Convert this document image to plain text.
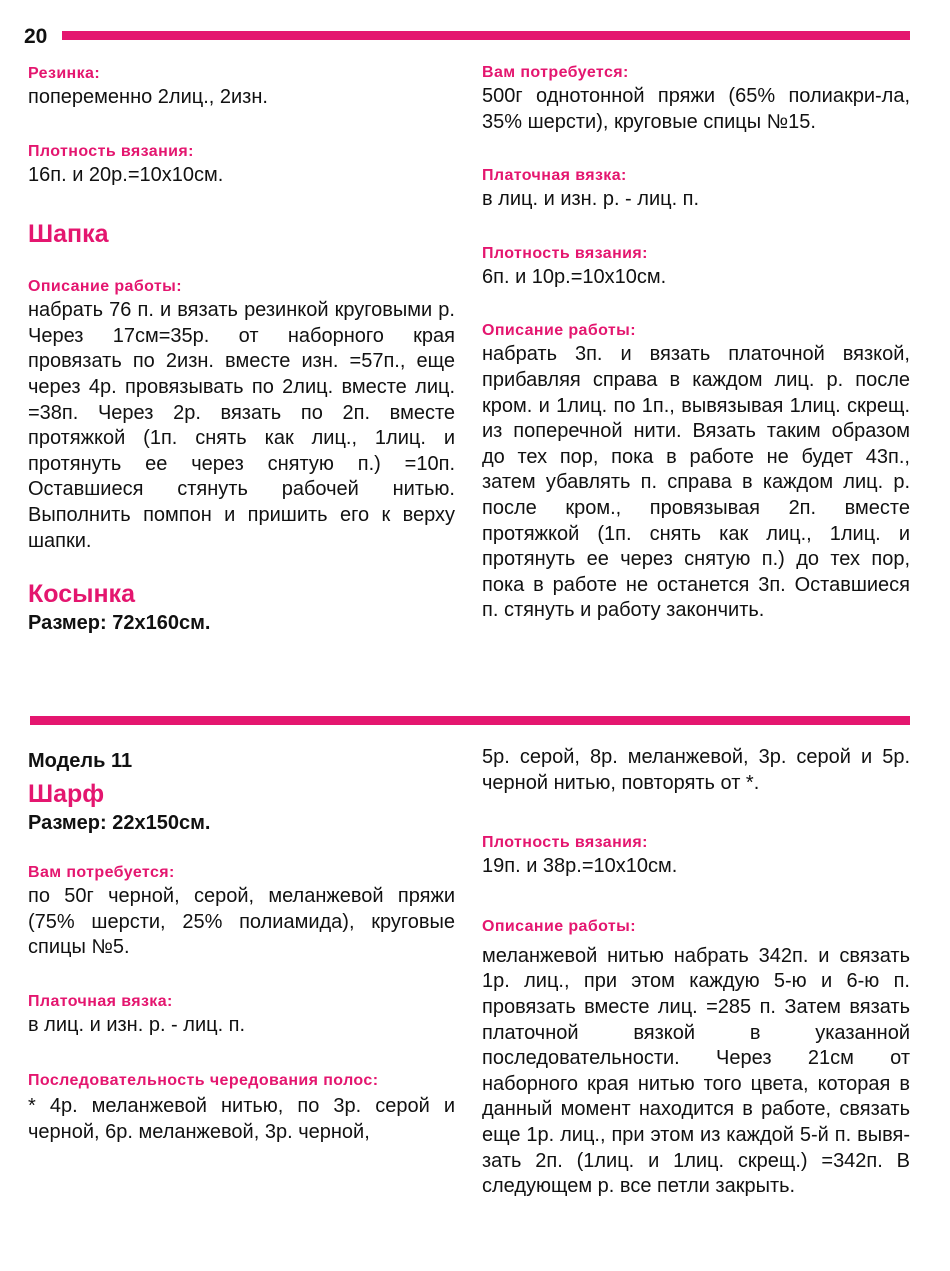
20
Резинка:
попеременно 2лиц., 2изн.
Плотность вязания:
16п. и 20р.=10х10см.
Шапка
Описание работы:
набрать 76 п. и вязать резинкой круговыми р. Через 17см=35р. от наборного края провязать по 2изн. вместе изн. =57п., еще через 4р. провязывать по 2лиц. вместе лиц. =38п. Через 2р. вязать по 2п. вместе протяжкой (1п. снять как лиц., 1лиц. и протянуть ее через снятую п.) =10п. Оставшиеся стянуть рабочей нитью. Выполнить помпон и пришить его к верху шапки.
Косынка
Размер: 72х160см.
Вам потребуется:
500г однотонной пряжи (65% полиакри-ла, 35% шерсти), круговые спицы №15.
Платочная вязка:
в лиц. и изн. р. - лиц. п.
Плотность вязания:
6п. и 10р.=10х10см.
Описание работы:
набрать 3п. и вязать платочной вязкой, прибавляя справа в каждом лиц. р. после кром. и 1лиц. по 1п., вывязывая 1лиц. скрещ. из поперечной нити. Вязать таким образом до тех пор, пока в работе не будет 43п., затем убавлять п. справа в каждом лиц. р. после кром., провязывая 2п. вместе протяжкой (1п. снять как лиц., 1лиц. и протянуть ее через снятую п.) до тех пор, пока в работе не останется 3п. Оставшиеся п. стянуть и работу закончить.
Модель 11
Шарф
Размер: 22х150см.
Вам потребуется:
по 50г черной, серой, меланжевой пряжи (75% шерсти, 25% полиамида), круговые спицы №5.
Платочная вязка:
в лиц. и изн. р. - лиц. п.
Последовательность чередования полос:
* 4р. меланжевой нитью, по 3р. серой и черной, 6р. меланжевой, 3р. черной,
5р. серой, 8р. меланжевой, 3р. серой и 5р. черной нитью, повторять от *.
Плотность вязания:
19п. и 38р.=10х10см.
Описание работы:
меланжевой нитью набрать 342п. и связать 1р. лиц., при этом каждую 5-ю и 6-ю п. провязать вместе лиц. =285 п. Затем вязать платочной вязкой в указанной последовательности. Через 21см от наборного края нитью того цвета, которая в данный момент находится в работе, связать еще 1р. лиц., при этом из каждой 5-й п. вывя-зать 2п. (1лиц. и 1лиц. скрещ.) =342п. В следующем р. все петли закрыть.
